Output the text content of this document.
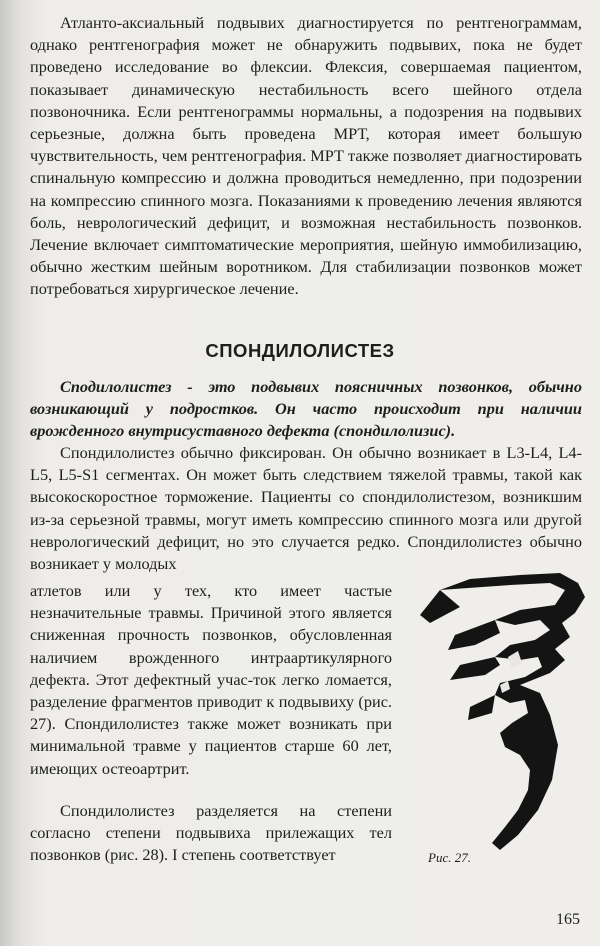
Атланто-аксиальный подвывих диагностируется по рентгенограммам, однако рентгенография может не обнаружить подвывих, пока не будет проведено исследование во флексии. Флексия, совершаемая пациентом, показывает динамическую нестабильность всего шейного отдела позвоночника. Если рентгенограммы нормальны, а подозрения на подвывих серьезные, должна быть проведена МРТ, которая имеет большую чувствительность, чем рентгенография. МРТ также позволяет диагностировать спинальную компрессию и должна проводиться немедленно, при подозрении на компрессию спинного мозга. Показаниями к проведению лечения являются боль, неврологический дефицит, и возможная нестабильность позвонков. Лечение включает симптоматические мероприятия, шейную иммобилизацию, обычно жестким шейным воротником. Для стабилизации позвонков может потребоваться хирургическое лечение.

СПОНДИЛОЛИСТЕЗ

Сподилолистез - это подвывих поясничных позвонков, обычно возникающий у подростков. Он часто происходит при наличии врожденного внутрисуставного дефекта (спондилолизис).

Спондилолистез обычно фиксирован. Он обычно возникает в L3-L4, L4-L5, L5-S1 сегментах. Он может быть следствием тяжелой травмы, такой как высокоскоростное торможение. Пациенты со спондилолистезом, возникшим из-за серьезной травмы, могут иметь компрессию спинного мозга или другой неврологический дефицит, но это случается редко. Спондилолистез обычно возникает у молодых

атлетов или у тех, кто имеет частые незначительные травмы. Причиной этого является сниженная прочность позвонков, обусловленная наличием врожденного интраартикулярного дефекта. Этот дефектный учас-ток легко ломается, разделение фрагментов приводит к подвывиху (рис. 27). Спондилолистез также может возникать при минимальной травме у пациентов старше 60 лет, имеющих остеоартрит.

Спондилолистез разделяется на степени согласно степени подвывиха прилежащих тел позвонков (рис. 28). I степень соответствует	Рис. 27.
165
